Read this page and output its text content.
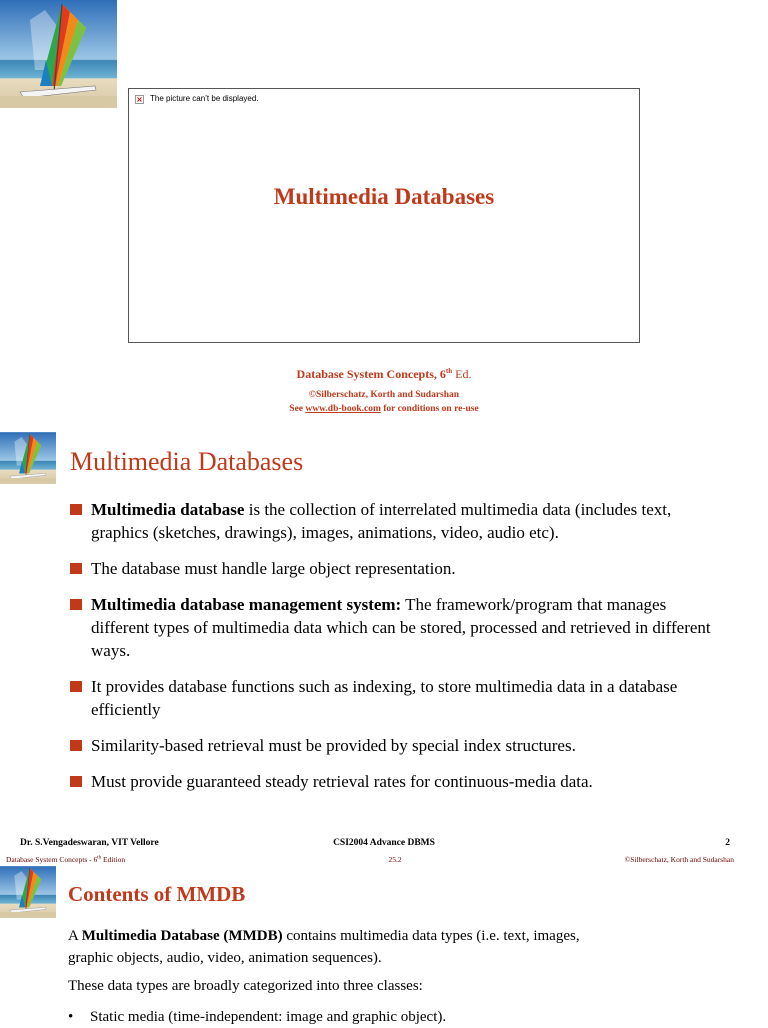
× The picture can’t be displayed.
Multimedia Databases
Database System Concepts, 6th Ed.
©Silberschatz, Korth and Sudarshan
See www.db-book.com for conditions on re-use
Multimedia Databases
Multimedia database is the collection of interrelated multimedia data (includes text, graphics (sketches, drawings), images, animations, video, audio etc).
The database must handle large object representation.
Multimedia database management system: The framework/program that manages different types of multimedia data which can be stored, processed and retrieved in different ways.
It provides database functions such as indexing, to store multimedia data in a database efficiently
Similarity-based retrieval must be provided by special index structures.
Must provide guaranteed steady retrieval rates for continuous-media data.
Dr. S.Vengadeswaran, VIT Vellore	CSI2004 Advance DBMS	2
Database System Concepts - 6th Edition	25.2	©Silberschatz, Korth and Sudarshan
Contents of MMDB
A Multimedia Database (MMDB) contains multimedia data types (i.e. text, images,
graphic objects, audio, video, animation sequences).
These data types are broadly categorized into three classes:
• Static media (time-independent: image and graphic object).
